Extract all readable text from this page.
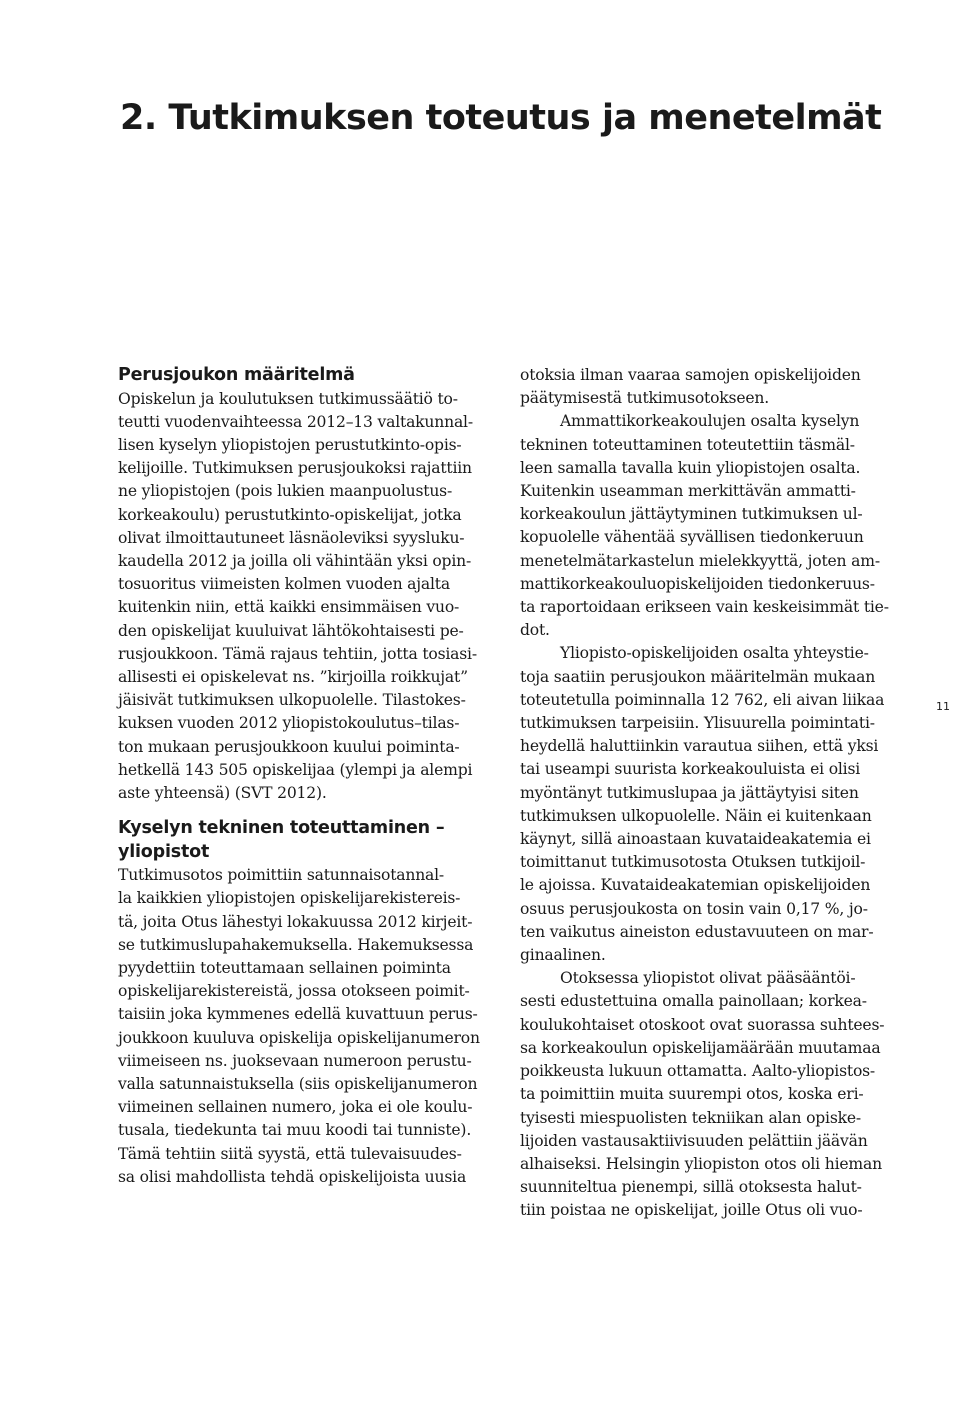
2. Tutkimuksen toteutus ja menetelmät
Perusjoukon määritelmä
Opiskelun ja koulutuksen tutkimussäätiö to-
teutti vuodenvaihteessa 2012–13 valtakunnal-
lisen kyselyn yliopistojen perustutkinto-opis-
kelijoille. Tutkimuksen perusjoukoksi rajattiin
ne yliopistojen (pois lukien maanpuolustus-
korkeakoulu) perustutkinto-opiskelijat, jotka
olivat ilmoittautuneet läsnäoleviksi syysluku-
kaudella 2012 ja joilla oli vähintään yksi opin-
tosuoritus viimeisten kolmen vuoden ajalta
kuitenkin niin, että kaikki ensimmäisen vuo-
den opiskelijat kuuluivat lähtökohtaisesti pe-
rusjoukkoon. Tämä rajaus tehtiin, jotta tosiasi-
allisesti ei opiskelevat ns. ”kirjoilla roikkujat”
jäisivät tutkimuksen ulkopuolelle. Tilastokes-
kuksen vuoden 2012 yliopistokoulutus–tilas-
ton mukaan perusjoukkoon kuului poiminta-
hetkellä 143 505 opiskelijaa (ylempi ja alempi
aste yhteensä) (SVT 2012).
Kyselyn tekninen toteuttaminen –
yliopistot
Tutkimusotos poimittiin satunnaisotannal-
la kaikkien yliopistojen opiskelijarekistereis-
tä, joita Otus lähestyi lokakuussa 2012 kirjeit-
se tutkimuslupahakemuksella. Hakemuksessa
pyydettiin toteuttamaan sellainen poiminta
opiskelijarekistereistä, jossa otokseen poimit-
taisiin joka kymmenes edellä kuvattuun perus-
joukkoon kuuluva opiskelija opiskelijanumeron
viimeiseen ns. juoksevaan numeroon perustu-
valla satunnaistuksella (siis opiskelijanumeron
viimeinen sellainen numero, joka ei ole koulu-
tusala, tiedekunta tai muu koodi tai tunniste).
Tämä tehtiin siitä syystä, että tulevaisuudes-
sa olisi mahdollista tehdä opiskelijoista uusia
otoksia ilman vaaraa samojen opiskelijoiden
päätymisestä tutkimusotokseen.
Ammattikorkeakoulujen osalta kyselyn
tekninen toteuttaminen toteutettiin täsmäl-
leen samalla tavalla kuin yliopistojen osalta.
Kuitenkin useamman merkittävän ammatti-
korkeakoulun jättäytyminen tutkimuksen ul-
kopuolelle vähentää syvällisen tiedonkeruun
menetelmätarkastelun mielekkyyttä, joten am-
mattikorkeakouluopiskelijoiden tiedonkeruus-
ta raportoidaan erikseen vain keskeisimmät tie-
dot.
Yliopisto-opiskelijoiden osalta yhteystie-
toja saatiin perusjoukon määritelmän mukaan
toteutetulla poiminnalla 12 762, eli aivan liikaa
tutkimuksen tarpeisiin. Ylisuurella poimintati-
heydellä haluttiinkin varautua siihen, että yksi
tai useampi suurista korkeakouluista ei olisi
myöntänyt tutkimuslupaa ja jättäytyisi siten
tutkimuksen ulkopuolelle. Näin ei kuitenkaan
käynyt, sillä ainoastaan kuvataideakatemia ei
toimittanut tutkimusotosta Otuksen tutkijoil-
le ajoissa. Kuvataideakatemian opiskelijoiden
osuus perusjoukosta on tosin vain 0,17 %, jo-
ten vaikutus aineiston edustavuuteen on mar-
ginaalinen.
Otoksessa yliopistot olivat pääsääntöi-
sesti edustettuina omalla painollaan; korkea-
koulukohtaiset otoskoot ovat suorassa suhtees-
sa korkeakoulun opiskelijamäärään muutamaa
poikkeusta lukuun ottamatta. Aalto-yliopistos-
ta poimittiin muita suurempi otos, koska eri-
tyisesti miespuolisten tekniikan alan opiske-
lijoiden vastausaktiivisuuden pelättiin jäävän
alhaiseksi. Helsingin yliopiston otos oli hieman
suunniteltua pienempi, sillä otoksesta halut-
tiin poistaa ne opiskelijat, joille Otus oli vuo-
11
